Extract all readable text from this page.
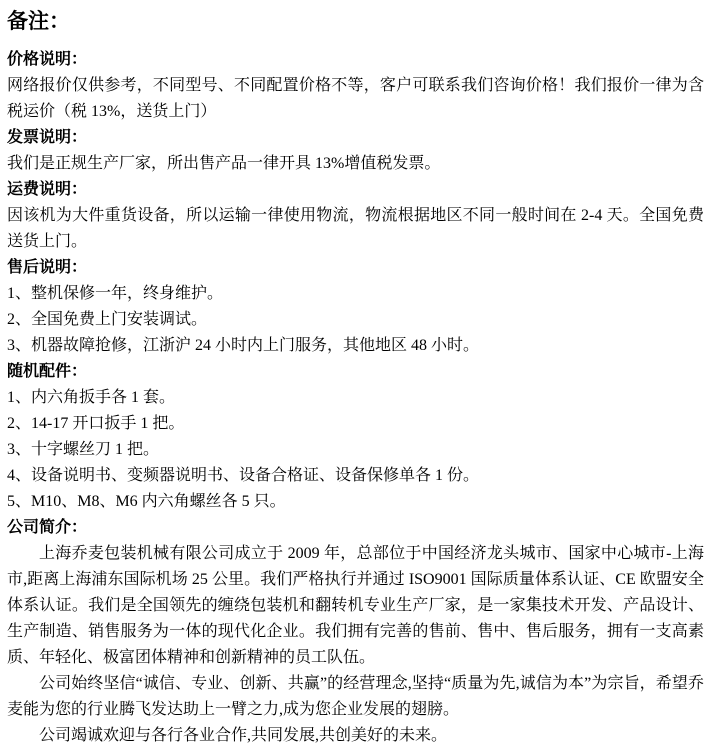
备注：
价格说明：

网络报价仅供参考，不同型号、不同配置价格不等，客户可联系我们咨询价格！我们报价一律为含税运价（税 13%，送货上门）

发票说明：

我们是正规生产厂家，所出售产品一律开具 13%增值税发票。

运费说明：

因该机为大件重货设备，所以运输一律使用物流，物流根据地区不同一般时间在 2-4 天。全国免费送货上门。

售后说明：

1、整机保修一年，终身维护。

2、全国免费上门安装调试。

3、机器故障抢修，江浙沪 24 小时内上门服务，其他地区 48 小时。

随机配件：

1、内六角扳手各 1 套。

2、14-17 开口扳手 1 把。

3、十字螺丝刀 1 把。

4、设备说明书、变频器说明书、设备合格证、设备保修单各 1 份。

5、M10、M8、M6 内六角螺丝各 5 只。

公司简介：

上海乔麦包装机械有限公司成立于 2009 年，总部位于中国经济龙头城市、国家中心城市-上海市,距离上海浦东国际机场 25 公里。我们严格执行并通过 ISO9001 国际质量体系认证、CE 欧盟安全体系认证。我们是全国领先的缠绕包装机和翻转机专业生产厂家，是一家集技术开发、产品设计、生产制造、销售服务为一体的现代化企业。我们拥有完善的售前、售中、售后服务，拥有一支高素质、年轻化、极富团体精神和创新精神的员工队伍。

公司始终坚信“诚信、专业、创新、共赢”的经营理念,坚持“质量为先,诚信为本”为宗旨，希望乔麦能为您的行业腾飞发达助上一臂之力,成为您企业发展的翅膀。

公司竭诚欢迎与各行各业合作,共同发展,共创美好的未来。
